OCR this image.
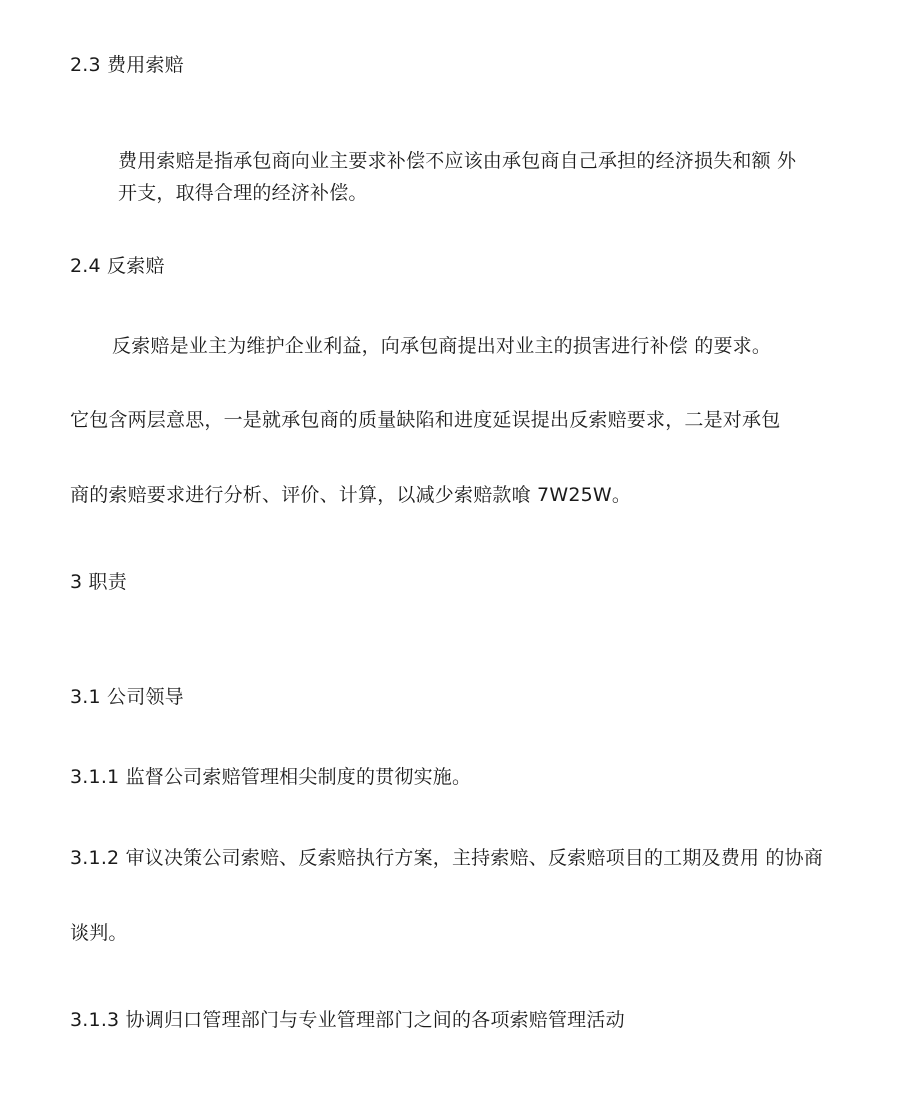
2.3 费用索赔
费用索赔是指承包商向业主要求补偿不应该由承包商自己承担的经济损失和额 外
开支，取得合理的经济补偿。
2.4 反索赔
反索赔是业主为维护企业利益，向承包商提出对业主的损害进行补偿 的要求。
它包含两层意思，一是就承包商的质量缺陷和进度延误提出反索赔要求，二是对承包
商的索赔要求进行分析、评价、计算，以减少索赔款喰 7W25W。
3 职责
3.1 公司领导
3.1.1 监督公司索赔管理相尖制度的贯彻实施。
3.1.2 审议决策公司索赔、反索赔执行方案，主持索赔、反索赔项目的工期及费用 的协商
谈判。
3.1.3 协调归口管理部门与专业管理部门之间的各项索赔管理活动
